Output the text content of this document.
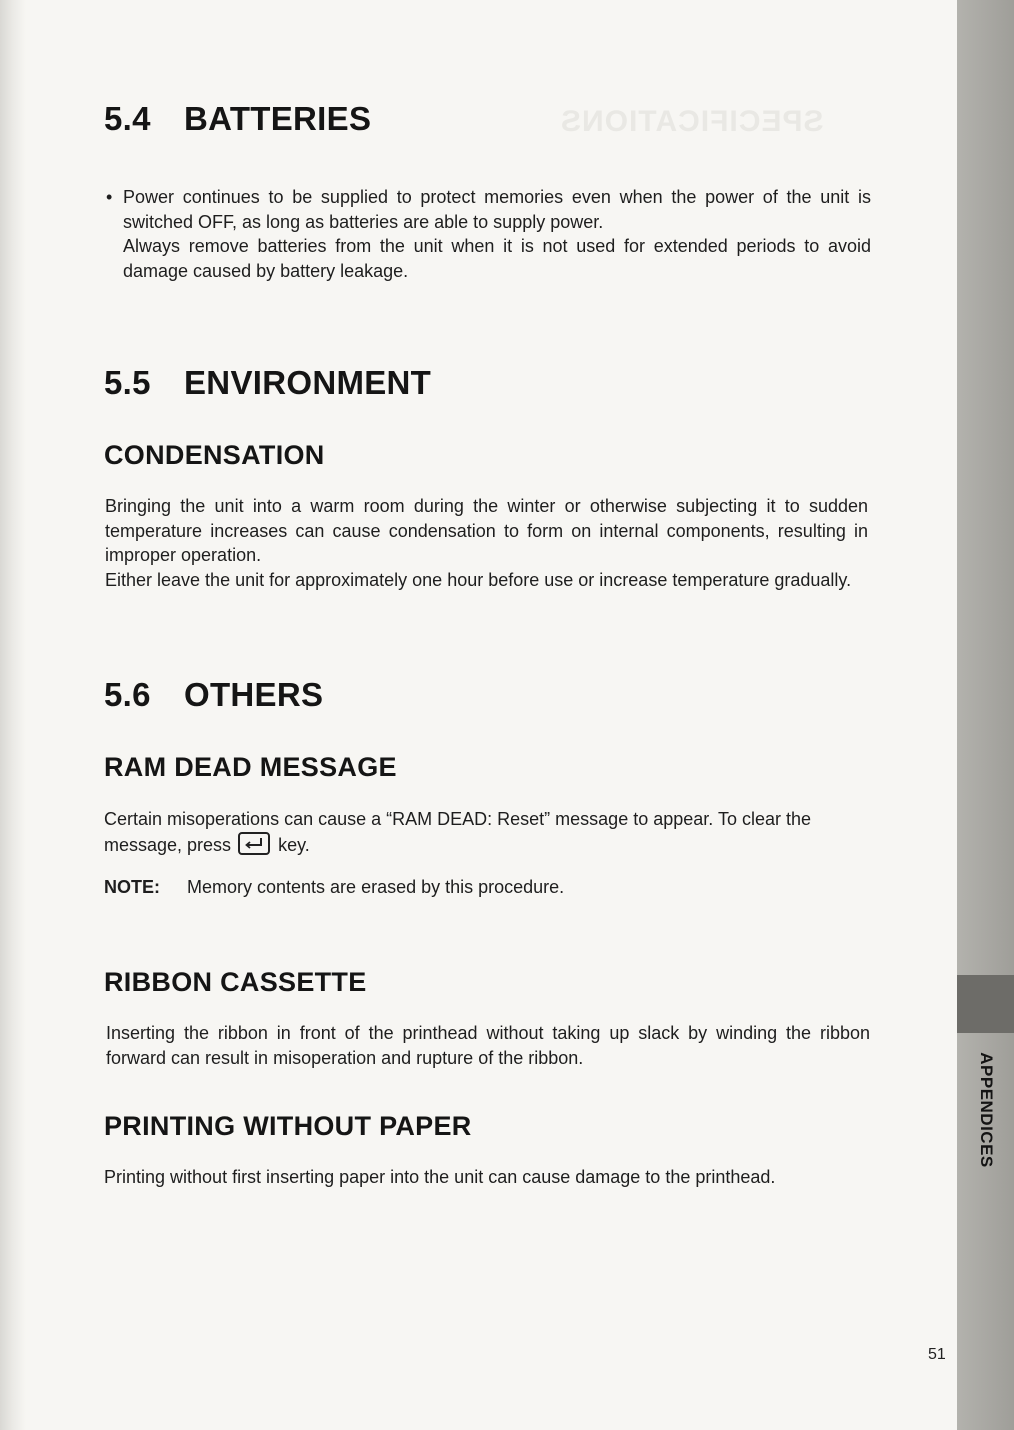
SPECIFICATIONS
5.4 BATTERIES
• Power continues to be supplied to protect memories even when the power of the unit is switched OFF, as long as batteries are able to supply power.

Always remove batteries from the unit when it is not used for extended periods to avoid damage caused by battery leakage.

5.5 ENVIRONMENT
CONDENSATION

Bringing the unit into a warm room during the winter or otherwise subjecting it to sudden temperature increases can cause condensation to form on internal components, resulting in improper operation.

Either leave the unit for approximately one hour before use or increase temperature gradually.

5.6 OTHERS
RAM DEAD MESSAGE

Certain misoperations can cause a “RAM DEAD: Reset” message to appear. To clear the message, press	key.

NOTE: Memory contents are erased by this procedure.

RIBBON CASSETTE

Inserting the ribbon in front of the printhead without taking up slack by winding the ribbon forward can result in misoperation and rupture of the ribbon.

PRINTING WITHOUT PAPER

Printing without first inserting paper into the unit can cause damage to the printhead.

APPENDICES
51
